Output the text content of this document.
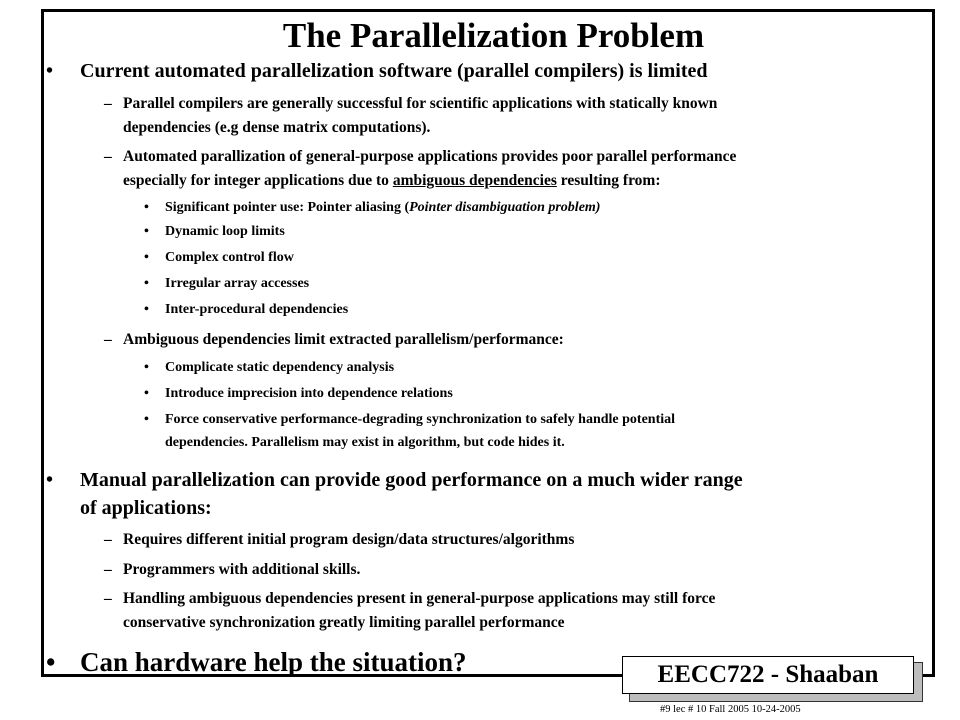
The Parallelization Problem
• Current automated parallelization software (parallel compilers) is limited
– Parallel compilers are generally successful for scientific applications with statically known
dependencies (e.g dense matrix computations).
– Automated parallization of general-purpose applications provides poor parallel performance
especially for integer applications due to ambiguous dependencies resulting from:
• Significant pointer use: Pointer aliasing (Pointer disambiguation problem)
• Dynamic loop limits
• Complex control flow
• Irregular array accesses
• Inter-procedural dependencies
– Ambiguous dependencies limit extracted parallelism/performance:
• Complicate static dependency analysis
• Introduce imprecision into dependence relations
• Force conservative performance-degrading synchronization to safely handle potential
dependencies. Parallelism may exist in algorithm, but code hides it.
• Manual parallelization can provide good performance on a much wider range
of applications:
– Requires different initial program design/data structures/algorithms
– Programmers with additional skills.
– Handling ambiguous dependencies present in general-purpose applications may still force
conservative synchronization greatly limiting parallel performance
• Can hardware help the situation?	EECC722 - Shaaban
#9 lec # 10 Fall 2005 10-24-2005
